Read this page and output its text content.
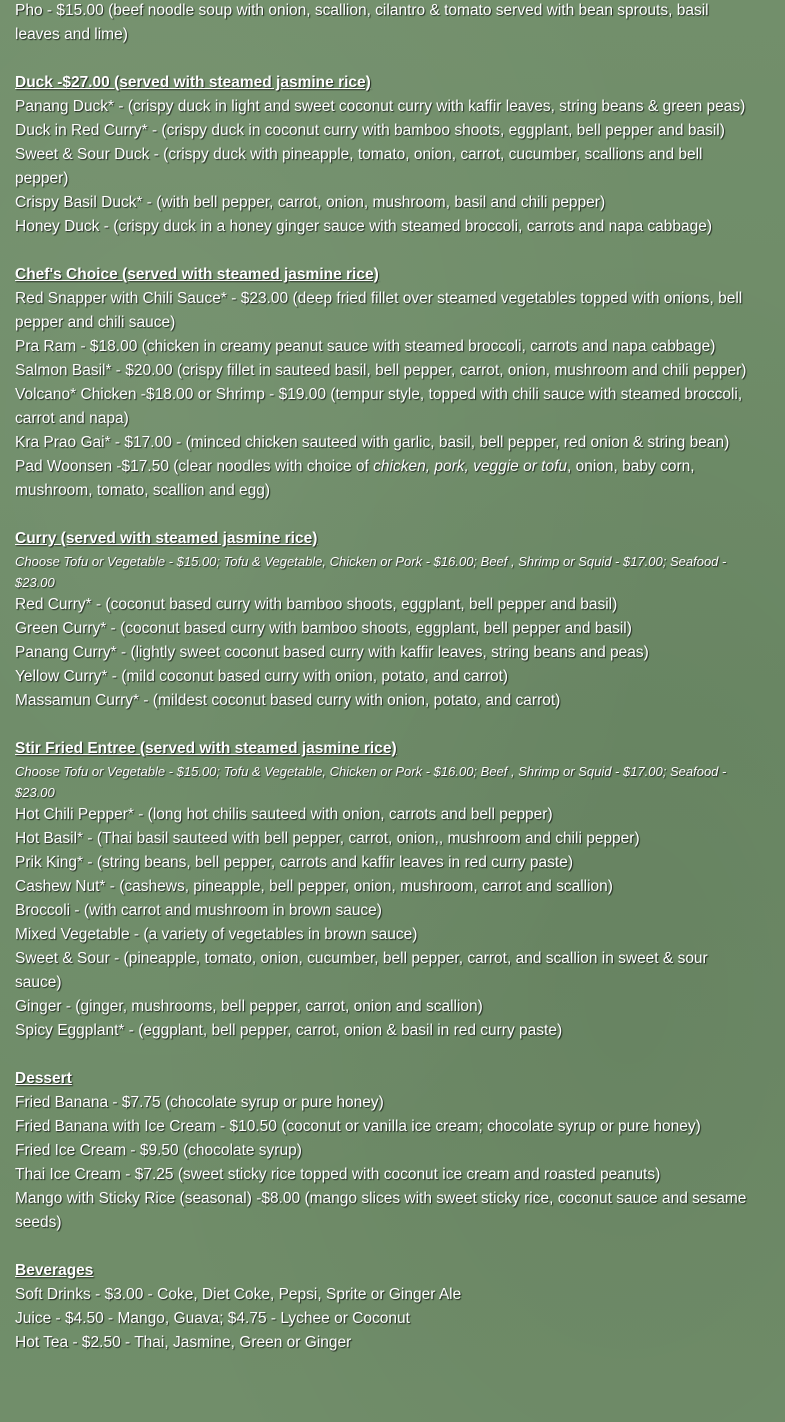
Pho - $15.00 (beef noodle soup with onion, scallion, cilantro & tomato served with bean sprouts, basil leaves and lime)

Duck -$27.00 (served with steamed jasmine rice)

Panang Duck* - (crispy duck in light and sweet coconut curry with kaffir leaves, string beans & green peas)

Duck in Red Curry* - (crispy duck in coconut curry with bamboo shoots, eggplant, bell pepper and basil)

Sweet & Sour Duck - (crispy duck with pineapple, tomato, onion, carrot, cucumber, scallions and bell pepper)

Crispy Basil Duck* - (with bell pepper, carrot, onion, mushroom, basil and chili pepper)

Honey Duck - (crispy duck in a honey ginger sauce with steamed broccoli, carrots and napa cabbage)

Chef's Choice (served with steamed jasmine rice)

Red Snapper with Chili Sauce* - $23.00 (deep fried fillet over steamed vegetables topped with onions, bell pepper and chili sauce)

Pra Ram - $18.00 (chicken in creamy peanut sauce with steamed broccoli, carrots and napa cabbage)

Salmon Basil* - $20.00 (crispy fillet in sauteed basil, bell pepper, carrot, onion, mushroom and chili pepper)

Volcano* Chicken -$18.00 or Shrimp - $19.00 (tempur style, topped with chili sauce with steamed broccoli, carrot and napa)

Kra Prao Gai* - $17.00 - (minced chicken sauteed with garlic, basil, bell pepper, red onion & string bean)

Pad Woonsen -$17.50 (clear noodles with choice of chicken, pork, veggie or tofu, onion, baby corn, mushroom, tomato, scallion and egg)

Curry (served with steamed jasmine rice)

Choose Tofu or Vegetable - $15.00; Tofu & Vegetable, Chicken or Pork - $16.00; Beef , Shrimp or Squid - $17.00; Seafood - $23.00

Red Curry* - (coconut based curry with bamboo shoots, eggplant, bell pepper and basil)

Green Curry* - (coconut based curry with bamboo shoots, eggplant, bell pepper and basil)

Panang Curry* - (lightly sweet coconut based curry with kaffir leaves, string beans and peas)

Yellow Curry* - (mild coconut based curry with onion, potato, and carrot)

Massamun Curry* - (mildest coconut based curry with onion, potato, and carrot)

Stir Fried Entree (served with steamed jasmine rice)

Choose Tofu or Vegetable - $15.00; Tofu & Vegetable, Chicken or Pork - $16.00; Beef , Shrimp or Squid - $17.00; Seafood - $23.00

Hot Chili Pepper* - (long hot chilis sauteed with onion, carrots and bell pepper)

Hot Basil* - (Thai basil sauteed with bell pepper, carrot, onion,, mushroom and chili pepper)

Prik King* - (string beans, bell pepper, carrots and kaffir leaves in red curry paste)

Cashew Nut* - (cashews, pineapple, bell pepper, onion, mushroom, carrot and scallion)

Broccoli - (with carrot and mushroom in brown sauce)

Mixed Vegetable - (a variety of vegetables in brown sauce)

Sweet & Sour - (pineapple, tomato, onion, cucumber, bell pepper, carrot, and scallion in sweet & sour sauce)

Ginger - (ginger, mushrooms, bell pepper, carrot, onion and scallion)

Spicy Eggplant* - (eggplant, bell pepper, carrot, onion & basil in red curry paste)

Dessert

Fried Banana - $7.75 (chocolate syrup or pure honey)

Fried Banana with Ice Cream - $10.50 (coconut or vanilla ice cream; chocolate syrup or pure honey)

Fried Ice Cream - $9.50 (chocolate syrup)

Thai Ice Cream - $7.25 (sweet sticky rice topped with coconut ice cream and roasted peanuts)

Mango with Sticky Rice (seasonal) -$8.00 (mango slices with sweet sticky rice, coconut sauce and sesame seeds)

Beverages

Soft Drinks - $3.00 - Coke, Diet Coke, Pepsi, Sprite or Ginger Ale

Juice - $4.50 - Mango, Guava; $4.75 - Lychee or Coconut

Hot Tea - $2.50 - Thai, Jasmine, Green or Ginger
